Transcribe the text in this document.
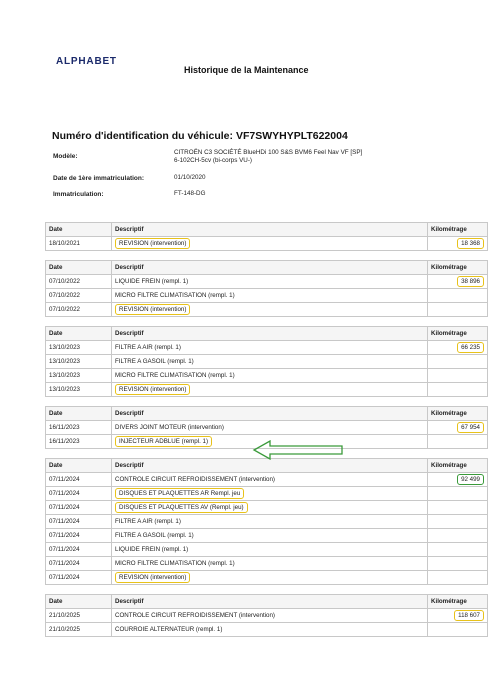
ALPHABET
Historique de la Maintenance
Numéro d'identification du véhicule: VF7SWYHYPLT622004
Modèle:
CITROËN C3 SOCIÉTÉ BlueHDi 100 S&S BVM6 Feel Nav VF [SP]
6-102CH-5cv (bi-corps VU-)
Date de 1ère immatriculation:	01/10/2020
Immatriculation:	FT-148-DG
Date	Descriptif	Kilométrage
18/10/2021	REVISION (intervention)	18 368
Date	Descriptif	Kilométrage
07/10/2022	LIQUIDE FREIN (rempl. 1)	38 896
07/10/2022	MICRO FILTRE CLIMATISATION (rempl. 1)	
07/10/2022	REVISION (intervention)	
Date	Descriptif	Kilométrage
13/10/2023	FILTRE A AIR (rempl. 1)	66 235
13/10/2023	FILTRE A GASOIL (rempl. 1)	
13/10/2023	MICRO FILTRE CLIMATISATION (rempl. 1)	
13/10/2023	REVISION (intervention)	
Date	Descriptif	Kilométrage
16/11/2023	DIVERS JOINT MOTEUR (intervention)	67 954
16/11/2023	INJECTEUR ADBLUE (rempl. 1)	
Date	Descriptif	Kilométrage
07/11/2024	CONTROLE CIRCUIT REFROIDISSEMENT (intervention)	92 499
07/11/2024	DISQUES ET PLAQUETTES AR Rempl. jeu	
07/11/2024	DISQUES ET PLAQUETTES AV (Rempl. jeu)	
07/11/2024	FILTRE A AIR (rempl. 1)	
07/11/2024	FILTRE A GASOIL (rempl. 1)	
07/11/2024	LIQUIDE FREIN (rempl. 1)	
07/11/2024	MICRO FILTRE CLIMATISATION (rempl. 1)	
07/11/2024	REVISION (intervention)	
Date	Descriptif	Kilométrage
21/10/2025	CONTROLE CIRCUIT REFROIDISSEMENT (intervention)	118 607
21/10/2025	COURROIE ALTERNATEUR (rempl. 1)	
